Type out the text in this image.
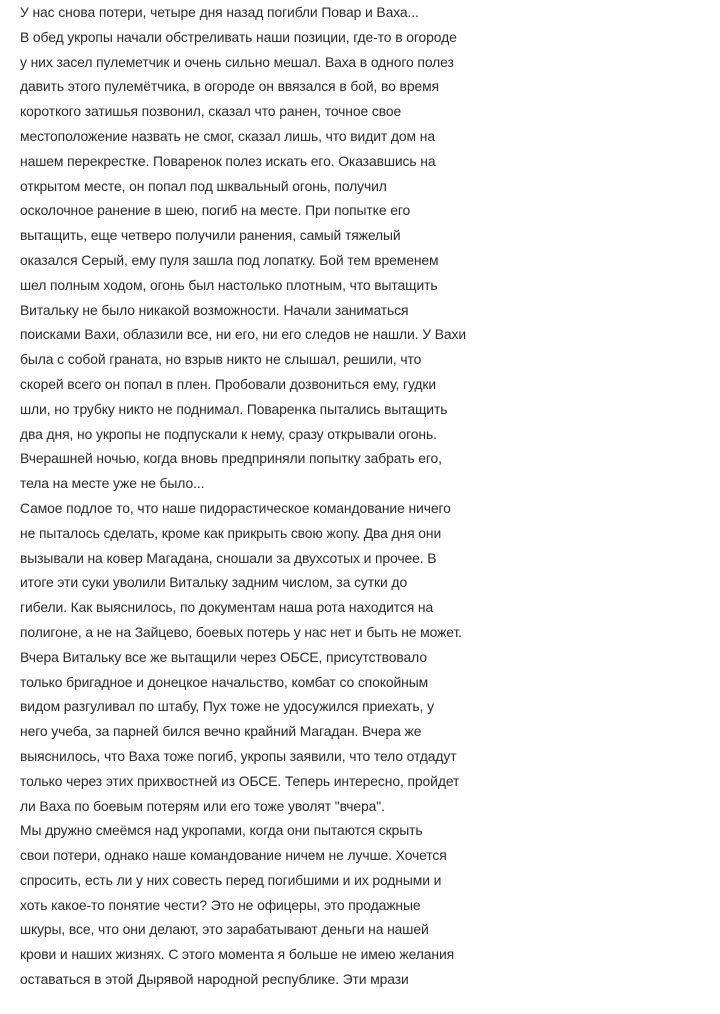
У нас снова потери, четыре дня назад погибли Повар и Ваха...
В обед укропы начали обстреливать наши позиции, где-то в огороде
у них засел пулеметчик и очень сильно мешал. Ваха в одного полез
давить этого пулемётчика, в огороде он ввязался в бой, во время
короткого затишья позвонил, сказал что ранен, точное свое
местоположение назвать не смог, сказал лишь, что видит дом на
нашем перекрестке. Поваренок полез искать его. Оказавшись на
открытом месте, он попал под шквальный огонь, получил
осколочное ранение в шею, погиб на месте. При попытке его
вытащить, еще четверо получили ранения, самый тяжелый
оказался Серый, ему пуля зашла под лопатку. Бой тем временем
шел полным ходом, огонь был настолько плотным, что вытащить
Витальку не было никакой возможности. Начали заниматься
поисками Вахи, облазили все, ни его, ни его следов не нашли. У Вахи
была с собой граната, но взрыв никто не слышал, решили, что
скорей всего он попал в плен. Пробовали дозвониться ему, гудки
шли, но трубку никто не поднимал. Поваренка пытались вытащить
два дня, но укропы не подпускали к нему, сразу открывали огонь.
Вчерашней ночью, когда вновь предприняли попытку забрать его,
тела на месте уже не было...
Самое подлое то, что наше пидорастическое командование ничего
не пыталось сделать, кроме как прикрыть свою жопу. Два дня они
вызывали на ковер Магадана, сношали за двухсотых и прочее. В
итоге эти суки уволили Витальку задним числом, за сутки до
гибели. Как выяснилось, по документам наша рота находится на
полигоне, а не на Зайцево, боевых потерь у нас нет и быть не может.
Вчера Витальку все же вытащили через ОБСЕ, присутствовало
только бригадное и донецкое начальство, комбат со спокойным
видом разгуливал по штабу, Пух тоже не удосужился приехать, у
него учеба, за парней бился вечно крайний Магадан. Вчера же
выяснилось, что Ваха тоже погиб, укропы заявили, что тело отдадут
только через этих прихвостней из ОБСЕ. Теперь интересно, пройдет
ли Ваха по боевым потерям или его тоже уволят "вчера".
Мы дружно смеёмся над укропами, когда они пытаются скрыть
свои потери, однако наше командование ничем не лучше. Хочется
спросить, есть ли у них совесть перед погибшими и их родными и
хоть какое-то понятие чести? Это не офицеры, это продажные
шкуры, все, что они делают, это зарабатывают деньги на нашей
крови и наших жизнях. С этого момента я больше не имею желания
оставаться в этой Дырявой народной республике. Эти мрази
